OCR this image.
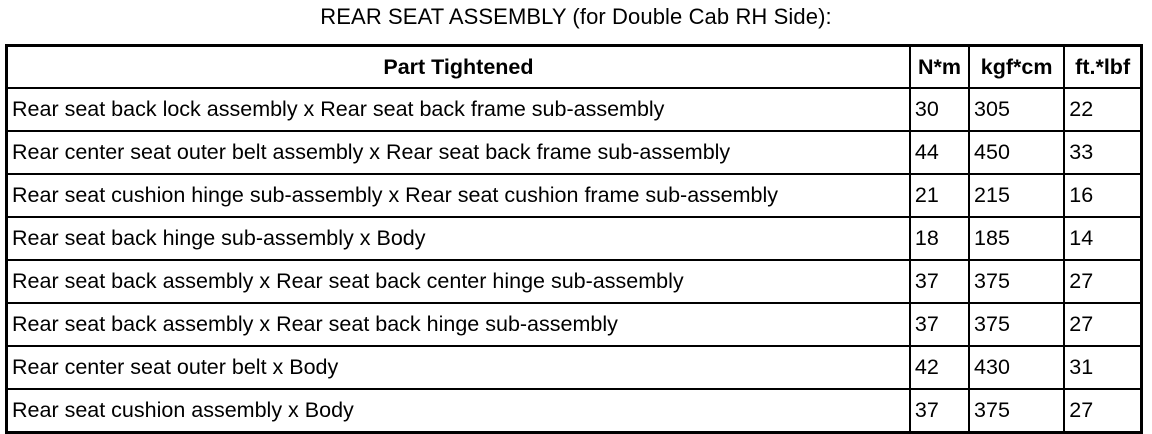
REAR SEAT ASSEMBLY (for Double Cab RH Side):
Part Tightened	N*m	kgf*cm	ft.*lbf
Rear seat back lock assembly x Rear seat back frame sub-assembly	30	305	22
Rear center seat outer belt assembly x Rear seat back frame sub-assembly	44	450	33
Rear seat cushion hinge sub-assembly x Rear seat cushion frame sub-assembly	21	215	16
Rear seat back hinge sub-assembly x Body	18	185	14
Rear seat back assembly x Rear seat back center hinge sub-assembly	37	375	27
Rear seat back assembly x Rear seat back hinge sub-assembly	37	375	27
Rear center seat outer belt x Body	42	430	31
Rear seat cushion assembly x Body	37	375	27
